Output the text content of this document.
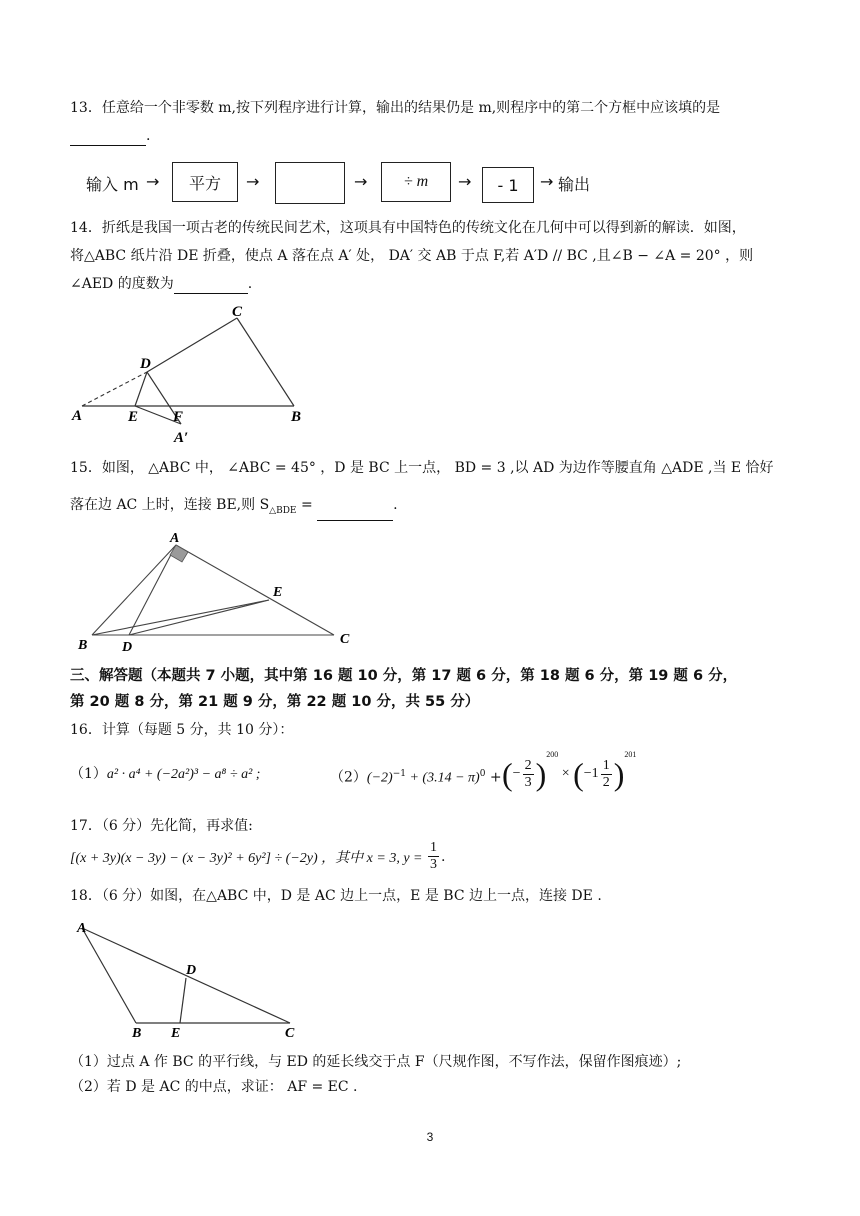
13．任意给一个非零数 m,按下列程序进行计算，输出的结果仍是 m,则程序中的第二个方框中应该填的是
.
输入 m → 平方 →	→ ÷ m → - 1 → 输出
14．折纸是我国一项古老的传统民间艺术，这项具有中国特色的传统文化在几何中可以得到新的解读．如图，
将△ABC 纸片沿 DE 折叠，使点 A 落在点 A′ 处， DA′ 交 AB 于点 F,若 A′D // BC ,且∠B − ∠A = 20° ，则
∠AED 的度数为	.
A	B
C
D
E F
A′
15．如图， △ABC 中， ∠ABC = 45° ，D 是 BC 上一点， BD = 3 ,以 AD 为边作等腰直角 △ADE ,当 E 恰好
落在边 AC 上时，连接 BE,则 $S_{\triangle BDE}$ =	.
A
B	C
D
E
三、解答题（本题共 7 小题，其中第 16 题 10 分，第 17 题 6 分，第 18 题 6 分，第 19 题 6 分，
第 20 题 8 分，第 21 题 9 分，第 22 题 10 分，共 55 分）
16．计算（每题 5 分，共 10 分）：
（1）a² · a⁴ + (−2a²)³ − a⁸ ÷ a² ;	$(2)(-2)^{-1} + (3.14 - \pi)^0$ + ( − $\frac{2}{3}$ )
$^{200}$
× ( $-1 \frac{1}{2}$ )
$^{201}$
17．（6 分）先化简，再求值:
[(x + 3y)(x − 3y) − (x − 3y)² + 6y²] ÷ (−2y) ，其中 x = 3, $y = \frac{1}{3}$ .
18．（6 分）如图，在△ABC 中，D 是 AC 边上一点，E 是 BC 边上一点，连接 DE .
A
B	C
D
E
（1）过点 A 作 BC 的平行线，与 ED 的延长线交于点 F（尺规作图，不写作法，保留作图痕迹）;
（2）若 D 是 AC 的中点，求证： AF = EC .
3
